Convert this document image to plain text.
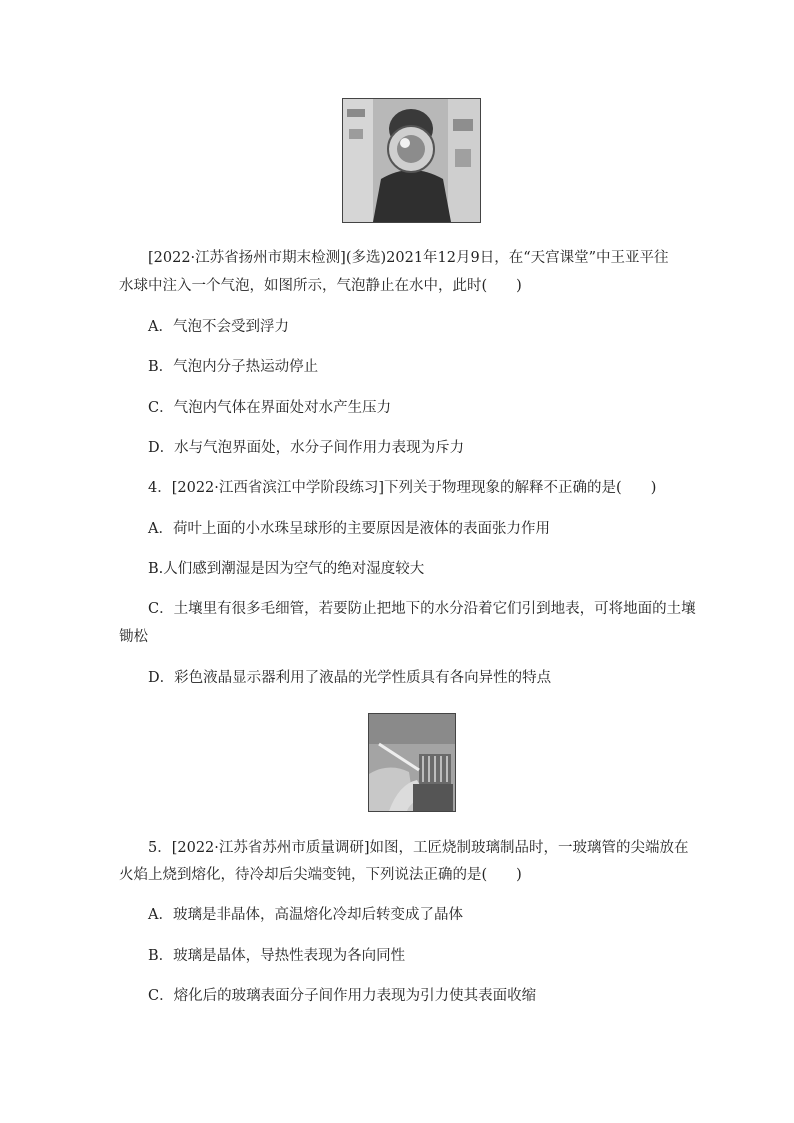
[2022·江苏省扬州市期末检测](多选)2021年12月9日，在“天宫课堂”中王亚平往
水球中注入一个气泡，如图所示，气泡静止在水中，此时(　　)
A．气泡不会受到浮力
B．气泡内分子热运动停止
C．气泡内气体在界面处对水产生压力
D．水与气泡界面处，水分子间作用力表现为斥力
4．[2022·江西省滨江中学阶段练习]下列关于物理现象的解释不正确的是(　　)
A．荷叶上面的小水珠呈球形的主要原因是液体的表面张力作用
B.人们感到潮湿是因为空气的绝对湿度较大
C．土壤里有很多毛细管，若要防止把地下的水分沿着它们引到地表，可将地面的土壤
锄松
D．彩色液晶显示器利用了液晶的光学性质具有各向异性的特点
5．[2022·江苏省苏州市质量调研]如图，工匠烧制玻璃制品时，一玻璃管的尖端放在
火焰上烧到熔化，待冷却后尖端变钝，下列说法正确的是(　　)
A．玻璃是非晶体，高温熔化冷却后转变成了晶体
B．玻璃是晶体，导热性表现为各向同性
C．熔化后的玻璃表面分子间作用力表现为引力使其表面收缩
